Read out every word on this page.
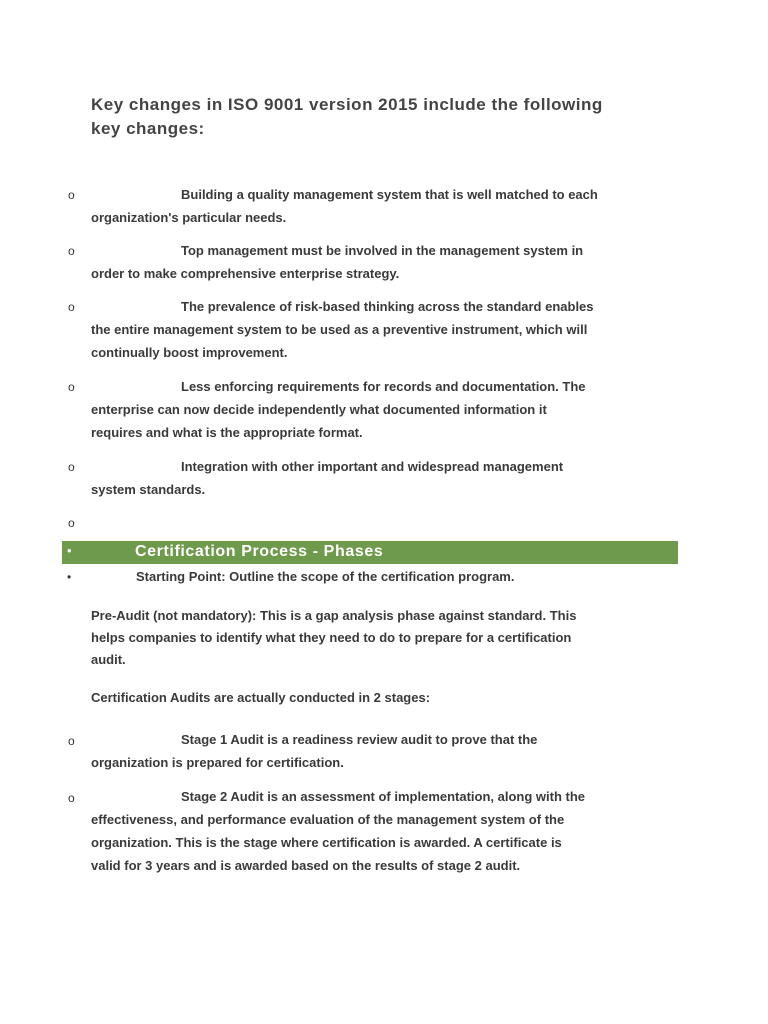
Key changes in ISO 9001 version 2015 include the following
key changes:
o	Building a quality management system that is well matched to each
organization's particular needs.
o	Top management must be involved in the management system in
order to make comprehensive enterprise strategy.
o	The prevalence of risk-based thinking across the standard enables
the entire management system to be used as a preventive instrument, which will
continually boost improvement.
o	Less enforcing requirements for records and documentation. The
enterprise can now decide independently what documented information it
requires and what is the appropriate format.
o	Integration with other important and widespread management
system standards.
o
•	Certification Process - Phases
•	Starting Point: Outline the scope of the certification program.
Pre-Audit (not mandatory): This is a gap analysis phase against standard. This
helps companies to identify what they need to do to prepare for a certification
audit.
Certification Audits are actually conducted in 2 stages:
o	Stage 1 Audit is a readiness review audit to prove that the
organization is prepared for certification.
o	Stage 2 Audit is an assessment of implementation, along with the
effectiveness, and performance evaluation of the management system of the
organization. This is the stage where certification is awarded. A certificate is
valid for 3 years and is awarded based on the results of stage 2 audit.
